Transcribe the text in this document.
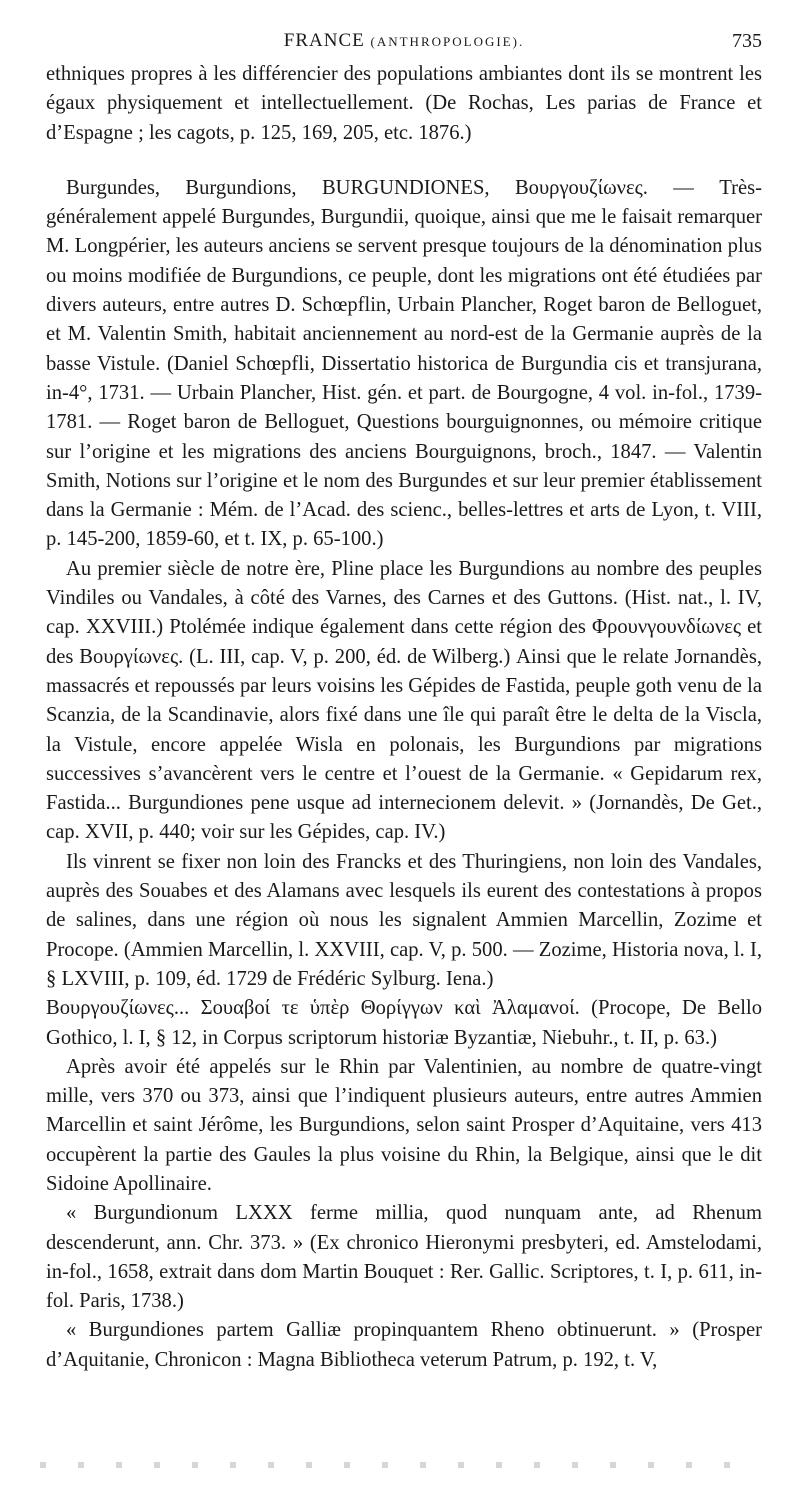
FRANCE (ANTHROPOLOGIE).	735

ethniques propres à les différencier des populations ambiantes dont ils se montrent les égaux physiquement et intellectuellement. (De Rochas, Les parias de France et d’Espagne ; les cagots, p. 125, 169, 205, etc. 1876.)

Burgundes, Burgundions, BURGUNDIONES, Βουργουζίωνες. — Très-généralement appelé Burgundes, Burgundii, quoique, ainsi que me le faisait remarquer M. Longpérier, les auteurs anciens se servent presque toujours de la dénomination plus ou moins modifiée de Burgundions, ce peuple, dont les migrations ont été étudiées par divers auteurs, entre autres D. Schœpflin, Urbain Plancher, Roget baron de Belloguet, et M. Valentin Smith, habitait anciennement au nord-est de la Germanie auprès de la basse Vistule. (Daniel Schœpfli, Dissertatio historica de Burgundia cis et transjurana, in-4°, 1731. — Urbain Plancher, Hist. gén. et part. de Bourgogne, 4 vol. in-fol., 1739-1781. — Roget baron de Belloguet, Questions bourguignonnes, ou mémoire critique sur l’origine et les migrations des anciens Bourguignons, broch., 1847. — Valentin Smith, Notions sur l’origine et le nom des Burgundes et sur leur premier établissement dans la Germanie : Mém. de l’Acad. des scienc., belles-lettres et arts de Lyon, t. VIII, p. 145-200, 1859-60, et t. IX, p. 65-100.)

Au premier siècle de notre ère, Pline place les Burgundions au nombre des peuples Vindiles ou Vandales, à côté des Varnes, des Carnes et des Guttons. (Hist. nat., l. IV, cap. XXVIII.) Ptolémée indique également dans cette région des Φρουνγουνδίωνες et des Βουργίωνες. (L. III, cap. V, p. 200, éd. de Wilberg.) Ainsi que le relate Jornandès, massacrés et repoussés par leurs voisins les Gépides de Fastida, peuple goth venu de la Scanzia, de la Scandinavie, alors fixé dans une île qui paraît être le delta de la Viscla, la Vistule, encore appelée Wisla en polonais, les Burgundions par migrations successives s’avancèrent vers le centre et l’ouest de la Germanie. « Gepidarum rex, Fastida... Burgundiones pene usque ad internecionem delevit. » (Jornandès, De Get., cap. XVII, p. 440; voir sur les Gépides, cap. IV.)

Ils vinrent se fixer non loin des Francks et des Thuringiens, non loin des Vandales, auprès des Souabes et des Alamans avec lesquels ils eurent des contestations à propos de salines, dans une région où nous les signalent Ammien Marcellin, Zozime et Procope. (Ammien Marcellin, l. XXVIII, cap. V, p. 500. — Zozime, Historia nova, l. I, § LXVIII, p. 109, éd. 1729 de Frédéric Sylburg. Iena.)

Βουργουζίωνες... Σουαβοί τε ὑπὲρ Θορίγγων καὶ Ἀλαμανοί. (Procope, De Bello Gothico, l. I, § 12, in Corpus scriptorum historiæ Byzantiæ, Niebuhr., t. II, p. 63.)

Après avoir été appelés sur le Rhin par Valentinien, au nombre de quatre-vingt mille, vers 370 ou 373, ainsi que l’indiquent plusieurs auteurs, entre autres Ammien Marcellin et saint Jérôme, les Burgundions, selon saint Prosper d’Aquitaine, vers 413 occupèrent la partie des Gaules la plus voisine du Rhin, la Belgique, ainsi que le dit Sidoine Apollinaire.

« Burgundionum LXXX ferme millia, quod nunquam ante, ad Rhenum descenderunt, ann. Chr. 373. » (Ex chronico Hieronymi presbyteri, ed. Amstelodami, in-fol., 1658, extrait dans dom Martin Bouquet : Rer. Gallic. Scriptores, t. I, p. 611, in-fol. Paris, 1738.)

« Burgundiones partem Galliæ propinquantem Rheno obtinuerunt. » (Prosper d’Aquitanie, Chronicon : Magna Bibliotheca veterum Patrum, p. 192, t. V,
